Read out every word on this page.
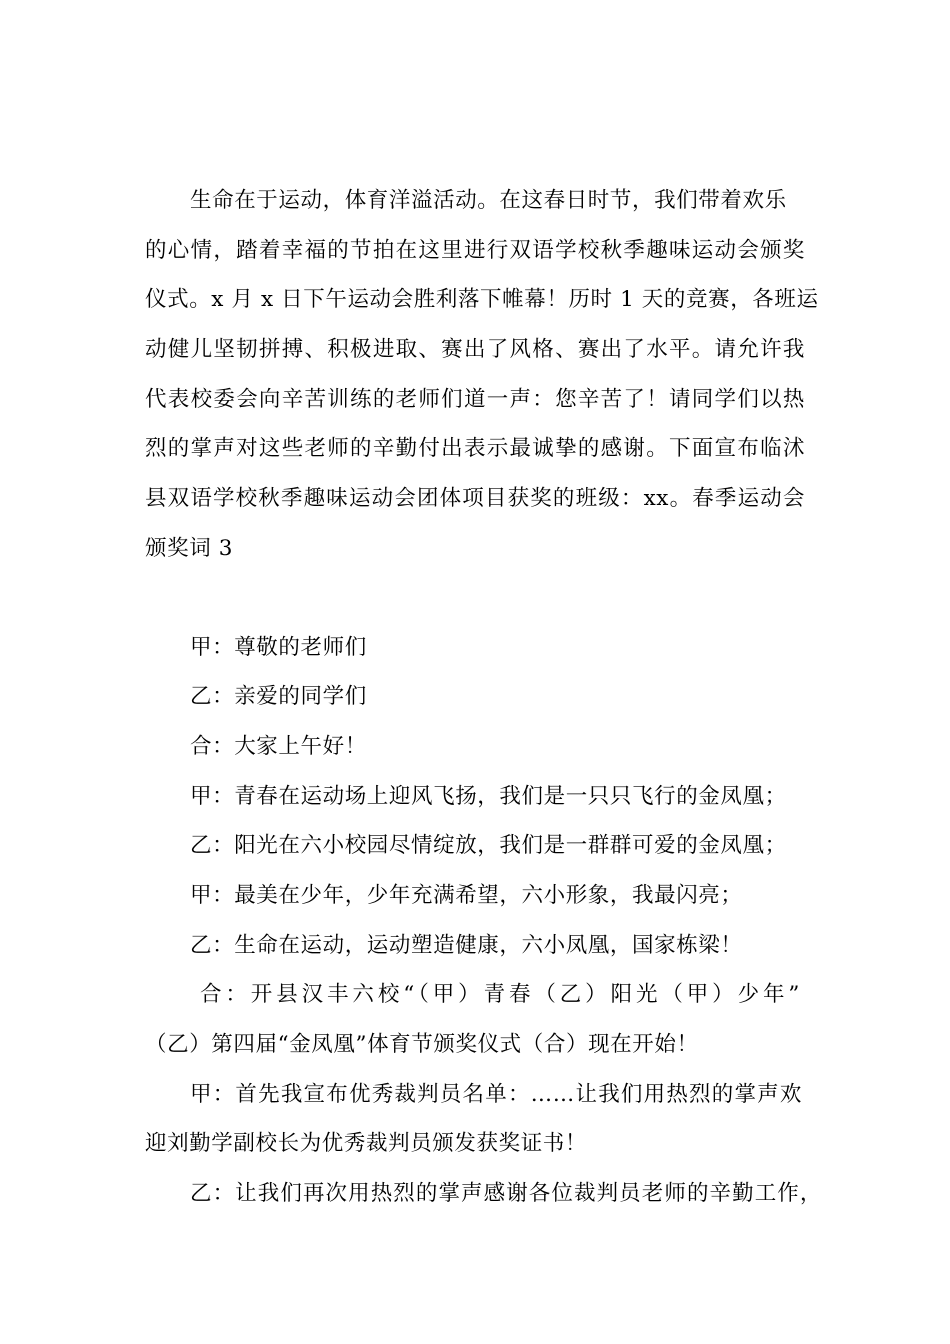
生命在于运动，体育洋溢活动。在这春日时节，我们带着欢乐
的心情，踏着幸福的节拍在这里进行双语学校秋季趣味运动会颁奖
仪式。x 月 x 日下午运动会胜利落下帷幕！历时 1 天的竞赛，各班运
动健儿坚韧拼搏、积极进取、赛出了风格、赛出了水平。请允许我
代表校委会向辛苦训练的老师们道一声：您辛苦了！请同学们以热
烈的掌声对这些老师的辛勤付出表示最诚挚的感谢。下面宣布临沭
县双语学校秋季趣味运动会团体项目获奖的班级：xx。春季运动会
颁奖词 3
甲：尊敬的老师们
乙：亲爱的同学们
合：大家上午好！
甲：青春在运动场上迎风飞扬，我们是一只只飞行的金凤凰；
乙：阳光在六小校园尽情绽放，我们是一群群可爱的金凤凰；
甲：最美在少年，少年充满希望，六小形象，我最闪亮；
乙：生命在运动，运动塑造健康，六小凤凰，国家栋梁！
合：开县汉丰六校“（甲）青春（乙）阳光（甲）少年”
（乙）第四届“金凤凰”体育节颁奖仪式（合）现在开始！
甲：首先我宣布优秀裁判员名单：……让我们用热烈的掌声欢
迎刘勤学副校长为优秀裁判员颁发获奖证书！
乙：让我们再次用热烈的掌声感谢各位裁判员老师的辛勤工作，
